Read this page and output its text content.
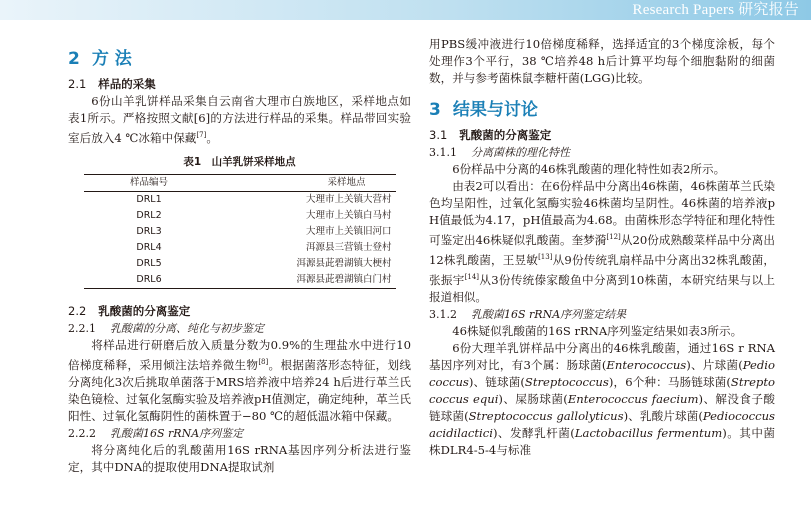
Research Papers 研究报告
2 方 法
2.1 样品的采集

6份山羊乳饼样品采集自云南省大理市白族地区，采样地点如表1所示。严格按照文献[6]的方法进行样品的采集。样品带回实验室后放入4 ℃冰箱中保藏[7]。

表1　山羊乳饼采样地点
样品编号	采样地点
DRL1	大理市上关镇大营村
DRL2	大理市上关镇白马村
DRL3	大理市上关镇旧河口
DRL4	洱源县三营镇士登村
DRL5	洱源县茈碧湖镇大梗村
DRL6	洱源县茈碧湖镇白门村
2.2 乳酸菌的分离鉴定
2.2.1 乳酸菌的分离、纯化与初步鉴定

将样品进行研磨后放入质量分数为0.9%的生理盐水中进行10倍梯度稀释，采用倾注法培养微生物[8]。根据菌落形态特征，划线分离纯化3次后挑取单菌落于MRS培养液中培养24 h后进行革兰氏染色镜检、过氧化氢酶实验及培养液pH值测定，确定纯种，革兰氏阳性、过氧化氢酶阴性的菌株置于−80 ℃的超低温冰箱中保藏。

2.2.2 乳酸菌16S rRNA序列鉴定

将分离纯化后的乳酸菌用16S rRNA基因序列分析法进行鉴定，其中DNA的提取使用DNA提取试剂

用PBS缓冲液进行10倍梯度稀释，选择适宜的3个梯度涂板，每个处理作3个平行，38 ℃培养48 h后计算平均每个细胞黏附的细菌数，并与参考菌株鼠李糖杆菌(LGG)比较。

3 结果与讨论
3.1 乳酸菌的分离鉴定
3.1.1 分离菌株的理化特性

6份样品中分离的46株乳酸菌的理化特性如表2所示。

由表2可以看出：在6份样品中分离出46株菌，46株菌革兰氏染色均呈阳性，过氧化氢酶实验46株菌均呈阴性。46株菌的培养液pH值最低为4.17，pH值最高为4.68。由菌株形态学特征和理化特性可鉴定出46株疑似乳酸菌。奎梦漪[12]从20份成熟酸菜样品中分离出12株乳酸菌，王昱敏[13]从9份传统乳扇样品中分离出32株乳酸菌，张振宇[14]从3份传统傣家酸鱼中分离到10株菌，本研究结果与以上报道相似。

3.1.2 乳酸菌16S rRNA序列鉴定结果

46株疑似乳酸菌的16S rRNA序列鉴定结果如表3所示。

6份大理羊乳饼样品中分离出的46株乳酸菌，通过16S r RNA基因序列对比，有3个属：肠球菌(Enterococcus)、片球菌(Pediococcus)、链球菌(Streptococcus)，6个种：马肠链球菌(Streptococcus equi)、屎肠球菌(Enterococcus faecium)、解没食子酸链球菌(Streptococcus gallolyticus)、乳酸片球菌(Pediococcus acidilactici)、发酵乳杆菌(Lactobacillus fermentum)。其中菌株DLR4-5-4与标准
